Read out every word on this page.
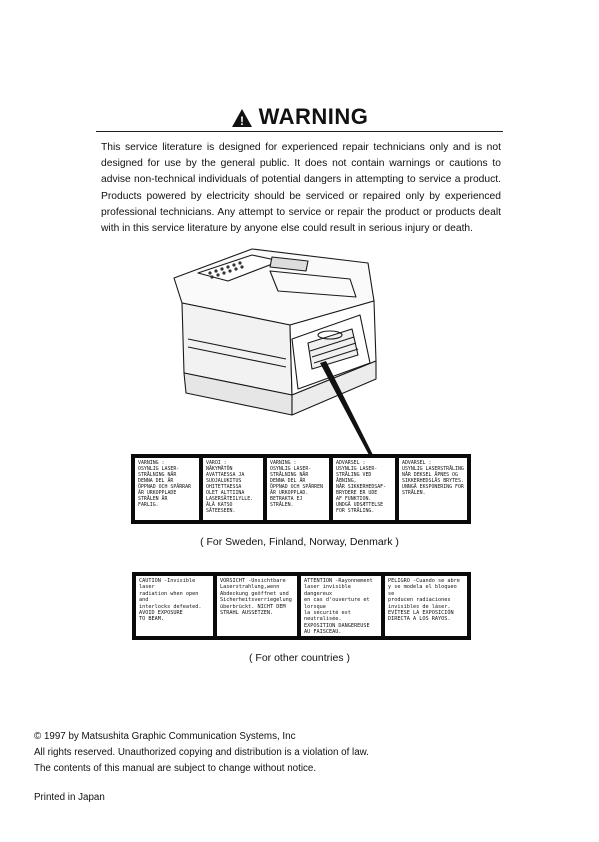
! WARNING
This service literature is designed for experienced repair technicians only and is not designed for use by the general public. It does not contain warnings or cautions to advise non-technical individuals of potential dangers in attempting to service a product. Products powered by electricity should be serviced or repaired only by experienced professional technicians. Any attempt to service or repair the product or products dealt with in this service literature by anyone else could result in serious injury or death.
VARNING :
OSYNLIG LASER-
STRÅLNING NÄR
DENNA DEL ÄR
ÖPPNAD OCH SPÄRRAR
ÄR URKOPPLADE
STRÅLEN ÄR
FARLIG.
VAROI :
NÄKYMÄTÖN
AVATTAESSA JA
SUOJALUKITUS
OHITETTAESSA
OLET ALTTIINA
LASERSÄTEILYLLE.
ÄLÄ KATSO
SÄTEESEEN.
VARNING :
OSYNLIG LASER-
STRÅLNING NÄR
DENNA DEL ÄR
ÖPPNAD OCH SPÄRREN
ÄR URKOPPLAD.
BETRAKTA EJ
STRÅLEN.
ADVARSEL :
USYNLIG LASER-
STRÅLING VED ÅBNING,
NÅR SIKKERHEDSAF-
BRYDERE ER UDE
AF FUNKTION.
UNDGÅ UDSÆTTELSE
FOR STRÅLING.
ADVARSEL :
USYNLIG LASERSTRÅLING
NÅR DEKSEL ÅPNES OG
SIKKERHEDSLÅS BRYTES.
UNNGÅ EKSPONERING FOR
STRÅLEN.
( For Sweden, Finland, Norway, Denmark )
CAUTION -Invisible laser
radiation when open and
interlocks defeated.
AVOID EXPOSURE
TO BEAM.
VORSICHT -Unsichtbare
Laserstrahlung,wenn
Abdeckung geöffnet und
Sicherheitsverriegelung
überbrückt. NICHT DEM
STRAHL AUSSETZEN.
ATTENTION -Rayonnement
laser invisible dangereux
en cas d'ouverture et lorsque
la sécurité est neutralisée.
EXPOSITION DANGEREUSE
AU FAISCEAU.
PELIGRO -Cuando se abre
y se modela el bloqueo se
producen radiaciones
invisibles de láser.
EVÍTESE LA EXPOSICIÓN
DIRECTA A LOS RAYOS.
( For other countries )
© 1997 by Matsushita Graphic Communication Systems, Inc
All rights reserved. Unauthorized copying and distribution is a violation of law.
The contents of this manual are subject to change without notice.
Printed in Japan
